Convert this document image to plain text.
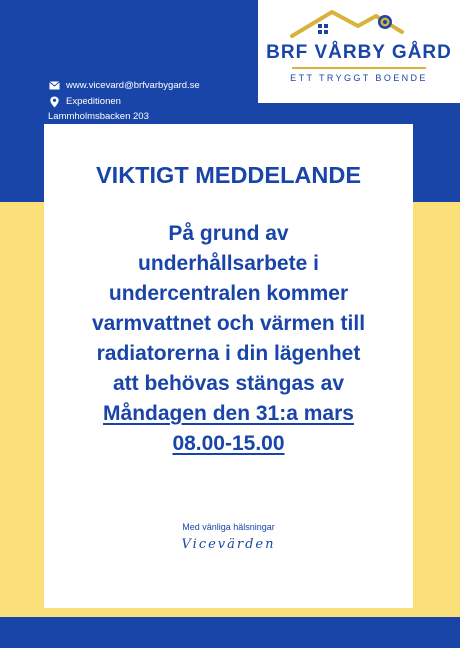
BRF VÅRBY GÅRD
ETT TRYGGT BOENDE
www.vicevard@brfvarbygard.se
Expeditionen
Lammholmsbacken 203
VIKTIGT MEDDELANDE
På grund av
underhållsarbete i
undercentralen kommer
varmvattnet och värmen till
radiatorerna i din lägenhet
att behövas stängas av
Måndagen den 31:a mars
08.00-15.00
Med vänliga hälsningar
Vicevärden
